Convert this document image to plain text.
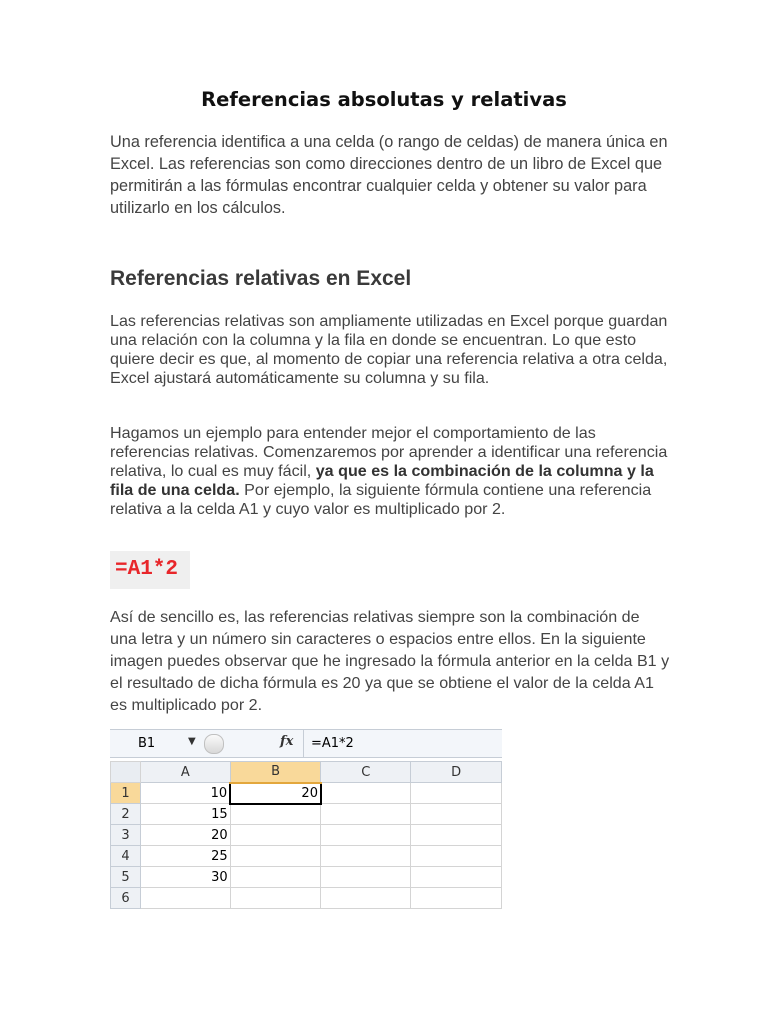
Referencias absolutas y relativas

Una referencia identifica a una celda (o rango de celdas) de manera única en Excel. Las referencias son como direcciones dentro de un libro de Excel que permitirán a las fórmulas encontrar cualquier celda y obtener su valor para utilizarlo en los cálculos.

Referencias relativas en Excel

Las referencias relativas son ampliamente utilizadas en Excel porque guardan una relación con la columna y la fila en donde se encuentran. Lo que esto quiere decir es que, al momento de copiar una referencia relativa a otra celda, Excel ajustará automáticamente su columna y su fila.

Hagamos un ejemplo para entender mejor el comportamiento de las referencias relativas. Comenzaremos por aprender a identificar una referencia relativa, lo cual es muy fácil, ya que es la combinación de la columna y la fila de una celda. Por ejemplo, la siguiente fórmula contiene una referencia relativa a la celda A1 y cuyo valor es multiplicado por 2.

=A1*2

Así de sencillo es, las referencias relativas siempre son la combinación de una letra y un número sin caracteres o espacios entre ellos. En la siguiente imagen puedes observar que he ingresado la fórmula anterior en la celda B1 y el resultado de dicha fórmula es 20 ya que se obtiene el valor de la celda A1 es multiplicado por 2.

B1	▼	fx =A1*2
	A	B	C	D
1	10	20		
2	15			
3	20			
4	25			
5	30			
6				
